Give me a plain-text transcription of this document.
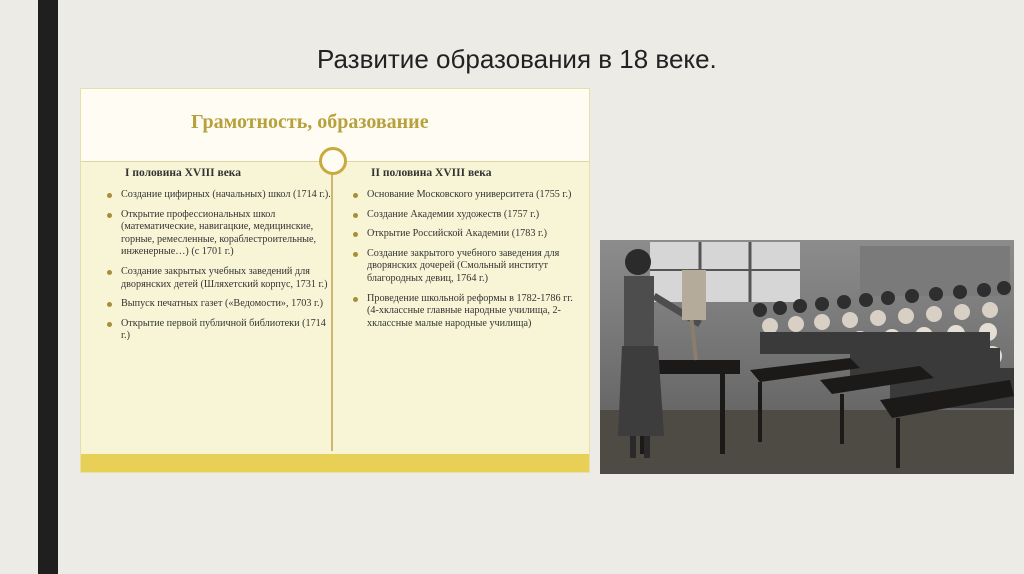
Развитие образования в 18 веке.
Грамотность, образование
I половина XVIII века
Создание цифирных (начальных) школ (1714 г.).
Открытие профессиональных школ (математические, навигацкие, медицинские, горные, ремесленные, кораблестроительные, инженерные…) (с 1701 г.)
Создание закрытых учебных заведений для дворянских детей (Шляхетский корпус, 1731 г.)
Выпуск печатных газет («Ведомости», 1703 г.)
Открытие первой публичной библиотеки (1714 г.)
II половина XVIII века
Основание Московского университета (1755 г.)
Создание Академии художеств (1757 г.)
Открытие Российской Академии (1783 г.)
Создание закрытого учебного заведения для дворянских дочерей (Смольный институт благородных девиц, 1764 г.)
Проведение школьной реформы в 1782-1786 гг. (4-хклассные главные народные училища, 2-хклассные малые народные училища)
